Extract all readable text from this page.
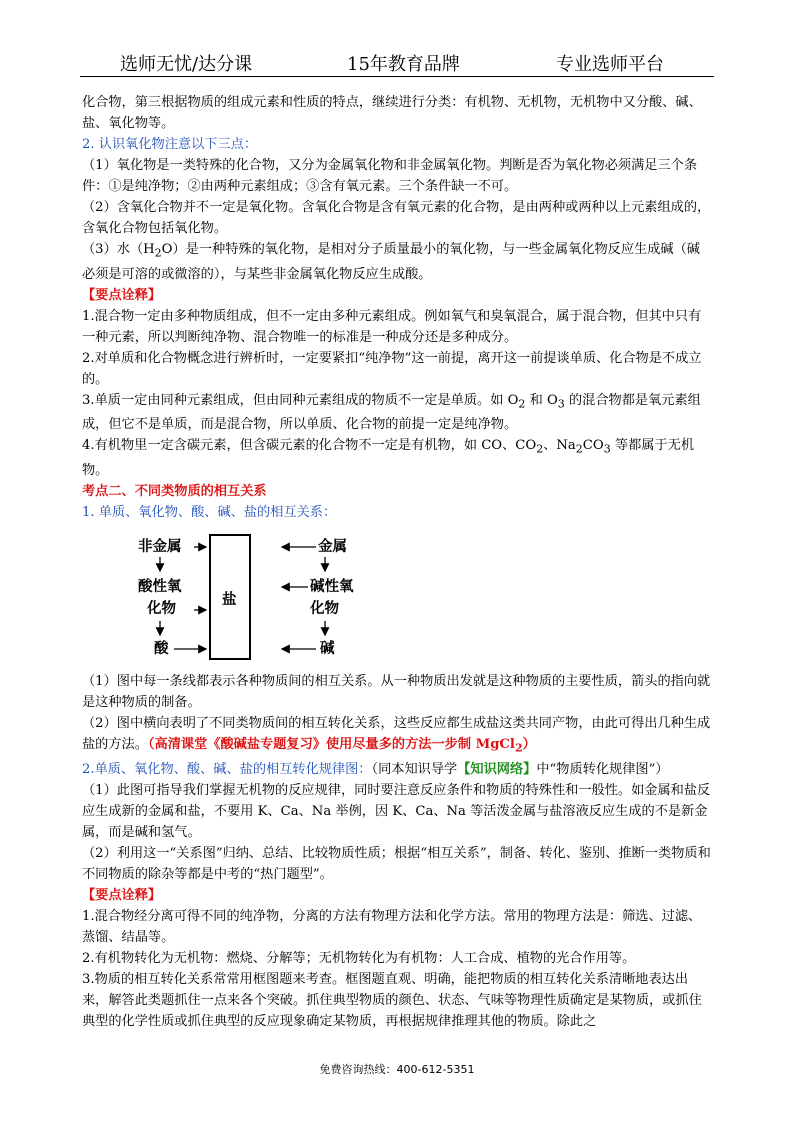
选师无忧/达分课	15年教育品牌	专业选师平台

化合物，第三根据物质的组成元素和性质的特点，继续进行分类：有机物、无机物，无机物中又分酸、碱、盐、氧化物等。

2. 认识氧化物注意以下三点：

（1）氧化物是一类特殊的化合物，又分为金属氧化物和非金属氧化物。判断是否为氧化物必须满足三个条件：①是纯净物；②由两种元素组成；③含有氧元素。三个条件缺一不可。

（2）含氧化合物并不一定是氧化物。含氧化合物是含有氧元素的化合物，是由两种或两种以上元素组成的，含氧化合物包括氧化物。

（3）水$(H_2O)$是一种特殊的氧化物，是相对分子质量最小的氧化物，与一些金属氧化物反应生成碱（碱必须是可溶的或微溶的），与某些非金属氧化物反应生成酸。

【要点诠释】

1.混合物一定由多种物质组成，但不一定由多种元素组成。例如氧气和臭氧混合，属于混合物，但其中只有一种元素，所以判断纯净物、混合物唯一的标准是一种成分还是多种成分。

2.对单质和化合物概念进行辨析时，一定要紧扣“纯净物”这一前提，离开这一前提谈单质、化合物是不成立的。

3.单质一定由同种元素组成，但由同种元素组成的物质不一定是单质。如 $O_2$ 和 $O_3$ 的混合物都是氧元素组成，但它不是单质，而是混合物，所以单质、化合物的前提一定是纯净物。

4.有机物里一定含碳元素，但含碳元素的化合物不一定是有机物，如 CO、$CO_2$、$Na_2CO_3$ 等都属于无机物。

考点二、不同类物质的相互关系

1. 单质、氧化物、酸、碱、盐的相互关系：

非金属
酸性氧
化物
酸
盐
金属
碱性氧
化物
碱

（1）图中每一条线都表示各种物质间的相互关系。从一种物质出发就是这种物质的主要性质，箭头的指向就是这种物质的制备。

（2）图中横向表明了不同类物质间的相互转化关系，这些反应都生成盐这类共同产物，由此可得出几种生成盐的方法。（高清课堂《酸碱盐专题复习》使用尽量多的方法一步制 MgCl$_2$）

2.单质、氧化物、酸、碱、盐的相互转化规律图：（同本知识导学【知识网络】中“物质转化规律图”）

（1）此图可指导我们掌握无机物的反应规律，同时要注意反应条件和物质的特殊性和一般性。如金属和盐反应生成新的金属和盐，不要用 K、Ca、Na 举例，因 K、Ca、Na 等活泼金属与盐溶液反应生成的不是新金属，而是碱和氢气。

（2）利用这一“关系图”归纳、总结、比较物质性质；根据“相互关系”，制备、转化、鉴别、推断一类物质和不同物质的除杂等都是中考的“热门题型”。

【要点诠释】

1.混合物经分离可得不同的纯净物，分离的方法有物理方法和化学方法。常用的物理方法是：筛选、过滤、蒸馏、结晶等。

2.有机物转化为无机物：燃烧、分解等；无机物转化为有机物：人工合成、植物的光合作用等。

3.物质的相互转化关系常常用框图题来考查。框图题直观、明确，能把物质的相互转化关系清晰地表达出来，解答此类题抓住一点来各个突破。抓住典型物质的颜色、状态、气味等物理性质确定是某物质，或抓住典型的化学性质或抓住典型的反应现象确定某物质，再根据规律推理其他的物质。除此之

免费咨询热线：400-612-5351
